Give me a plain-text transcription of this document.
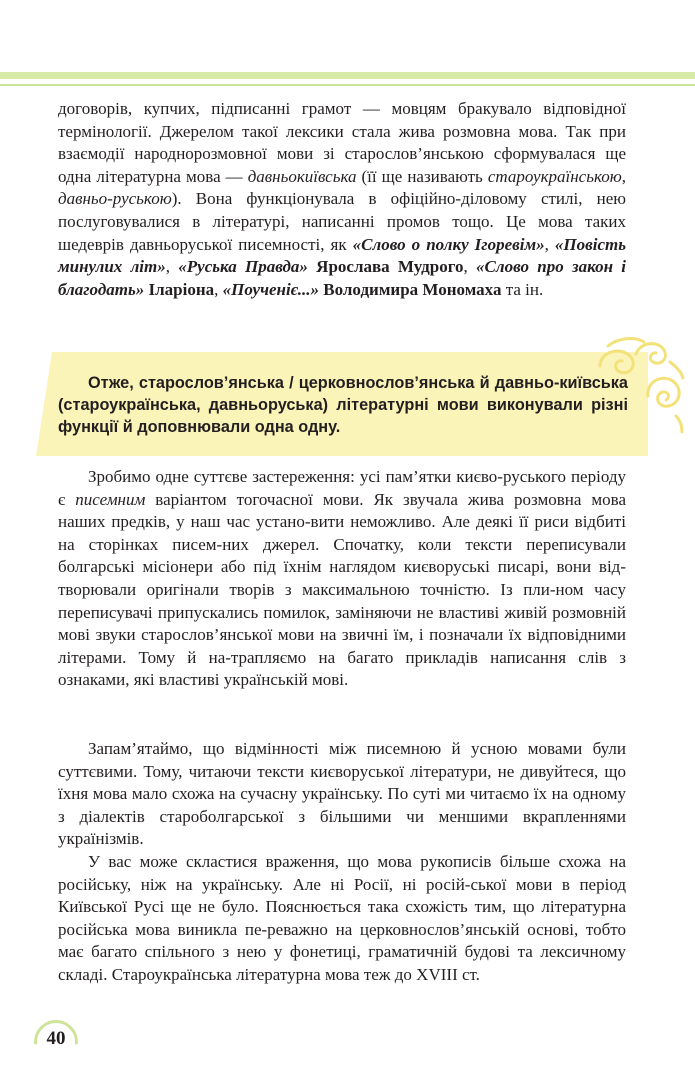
договорів, купчих, підписанні грамот — мовцям бракувало відповідної термінології. Джерелом такої лексики стала жива розмовна мова. Так при взаємодії народнорозмовної мови зі старослов’янською сформувалася ще одна літературна мова — давньокиївська (її ще називають староукраїнською, давньо-руською). Вона функціонувала в офіційно-діловому стилі, нею послуговувалися в літературі, написанні промов тощо. Це мова таких шедеврів давньоруської писемності, як «Слово о полку Ігоревім», «Повість минулих літ», «Руська Правда» Ярослава Мудрого, «Слово про закон і благодать» Іларіона, «Поученіє...» Володимира Мономаха та ін.

Отже, старослов’янська / церковнослов’янська й давньо-київська (староукраїнська, давньоруська) літературні мови виконували різні функції й доповнювали одна одну.

Зробимо одне суттєве застереження: усі пам’ятки києво-руського періоду є писемним варіантом тогочасної мови. Як звучала жива розмовна мова наших предків, у наш час устано-вити неможливо. Але деякі її риси відбиті на сторінках писем-них джерел. Спочатку, коли тексти переписували болгарські місіонери або під їхнім наглядом києворуські писарі, вони від-творювали оригінали творів з максимальною точністю. Із пли-ном часу переписувачі припускались помилок, заміняючи не властиві живій розмовній мові звуки старослов’янської мови на звичні їм, і позначали їх відповідними літерами. Тому й на-трапляємо на багато прикладів написання слів з ознаками, які властиві українській мові.

Запам’ятаймо, що відмінності між писемною й усною мовами були суттєвими. Тому, читаючи тексти києворуської літератури, не дивуйтеся, що їхня мова мало схожа на сучасну українську. По суті ми читаємо їх на одному з діалектів староболгарської з більшими чи меншими вкрапленнями українізмів.

У вас може скластися враження, що мова рукописів більше схожа на російську, ніж на українську. Але ні Росії, ні росій-ської мови в період Київської Русі ще не було. Пояснюється така схожість тим, що літературна російська мова виникла пе-реважно на церковнослов’янській основі, тобто має багато спільного з нею у фонетиці, граматичній будові та лексичному складі. Староукраїнська літературна мова теж до XVIII ст.

40
